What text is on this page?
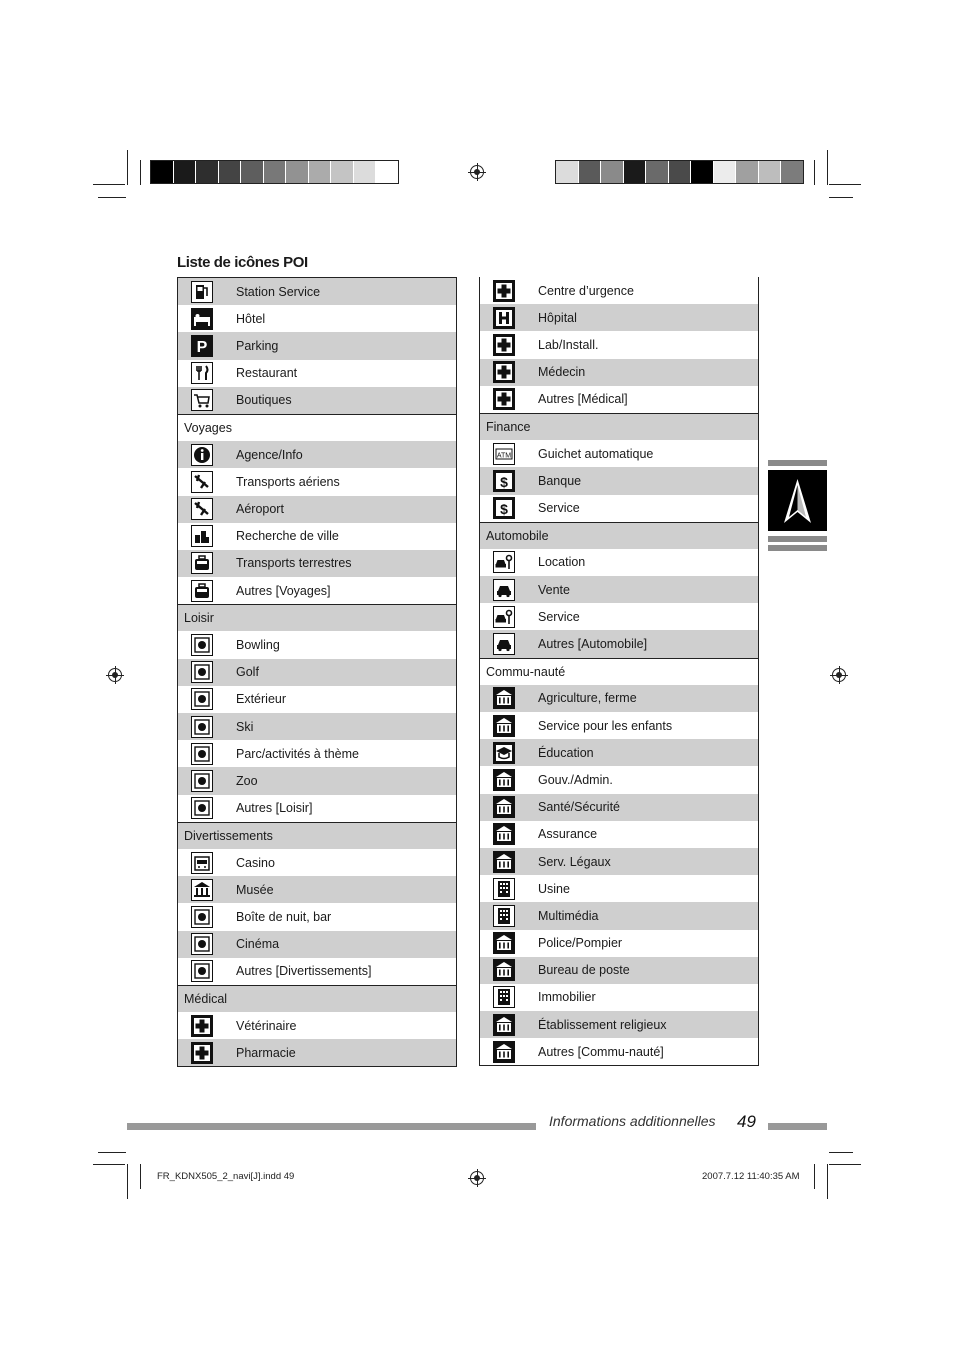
Liste de icônes POI
Station Service
Hôtel
P Parking
Restaurant
Boutiques
Voyages
Agence/Info
Transports aériens
Aéroport
Recherche de ville
Transports terrestres
Autres [Voyages]
Loisir
Bowling
Golf
Extérieur
Ski
Parc/activités à thème
Zoo
Autres [Loisir]
Divertissements
Casino
Musée
Boîte de nuit, bar
Cinéma
Autres [Divertissements]
Médical
Vétérinaire
Pharmacie
Centre d’urgence
Hôpital
Lab/Install.
Médecin
Autres [Médical]
Finance
ATM Guichet automatique
$ Banque
$ Service
Automobile
Location
Vente
Service
Autres [Automobile]
Commu-nauté
Agriculture, ferme
Service pour les enfants
Éducation
Gouv./Admin.
Santé/Sécurité
Assurance
Serv. Légaux
Usine
Multimédia
Police/Pompier
Bureau de poste
Immobilier
Établissement religieux
Autres [Commu-nauté]
Informations additionnelles 49
FR_KDNX505_2_navi[J].indd 49	2007.7.12 11:40:35 AM
